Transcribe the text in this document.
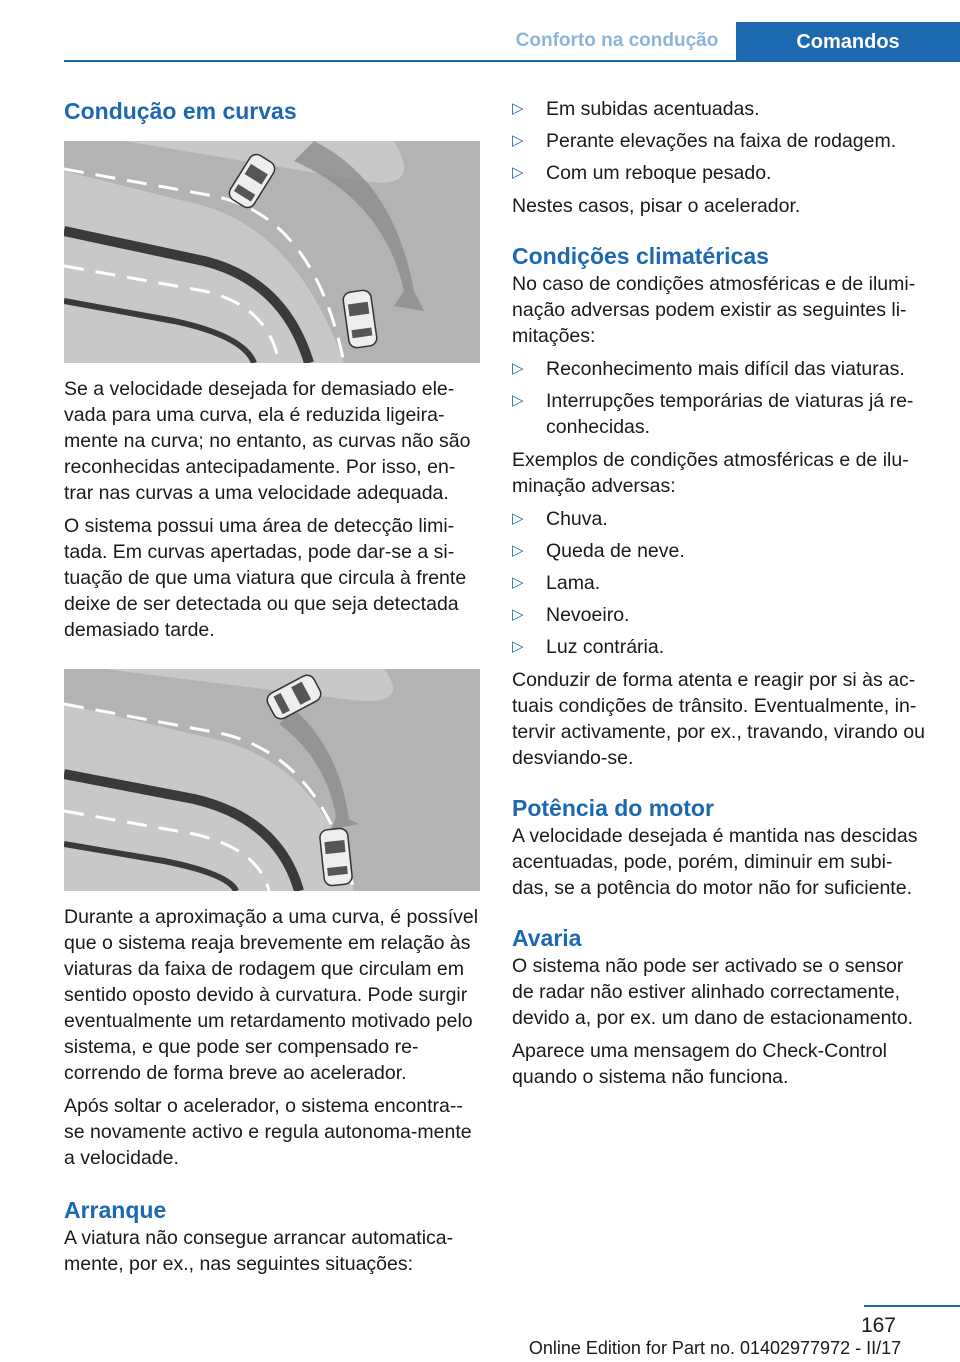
Conforto na condução	Comandos
Condução em curvas

Se a velocidade desejada for demasiado ele-vada para uma curva, ela é reduzida ligeira-mente na curva; no entanto, as curvas não são reconhecidas antecipadamente. Por isso, en-trar nas curvas a uma velocidade adequada.

O sistema possui uma área de detecção limi-tada. Em curvas apertadas, pode dar-se a si-tuação de que uma viatura que circula à frente deixe de ser detectada ou que seja detectada demasiado tarde.

Durante a aproximação a uma curva, é possível que o sistema reaja brevemente em relação às viaturas da faixa de rodagem que circulam em sentido oposto devido à curvatura. Pode surgir eventualmente um retardamento motivado pelo sistema, e que pode ser compensado re-correndo de forma breve ao acelerador.

Após soltar o acelerador, o sistema encontra--se novamente activo e regula autonoma-mente a velocidade.

Arranque

A viatura não consegue arrancar automatica-mente, por ex., nas seguintes situações:

▷ Em subidas acentuadas.
▷ Perante elevações na faixa de rodagem.
▷ Com um reboque pesado.

Nestes casos, pisar o acelerador.

Condições climatéricas

No caso de condições atmosféricas e de ilumi-nação adversas podem existir as seguintes li-mitações:

▷ Reconhecimento mais difícil das viaturas.
▷ Interrupções temporárias de viaturas já re-conhecidas.

Exemplos de condições atmosféricas e de ilu-minação adversas:

▷ Chuva.
▷ Queda de neve.
▷ Lama.
▷ Nevoeiro.
▷ Luz contrária.

Conduzir de forma atenta e reagir por si às ac-tuais condições de trânsito. Eventualmente, in-tervir activamente, por ex., travando, virando ou desviando-se.

Potência do motor

A velocidade desejada é mantida nas descidas acentuadas, pode, porém, diminuir em subi-das, se a potência do motor não for suficiente.

Avaria

O sistema não pode ser activado se o sensor de radar não estiver alinhado correctamente, devido a, por ex. um dano de estacionamento.

Aparece uma mensagem do Check-Control quando o sistema não funciona.

167
Online Edition for Part no. 01402977972 - II/17
